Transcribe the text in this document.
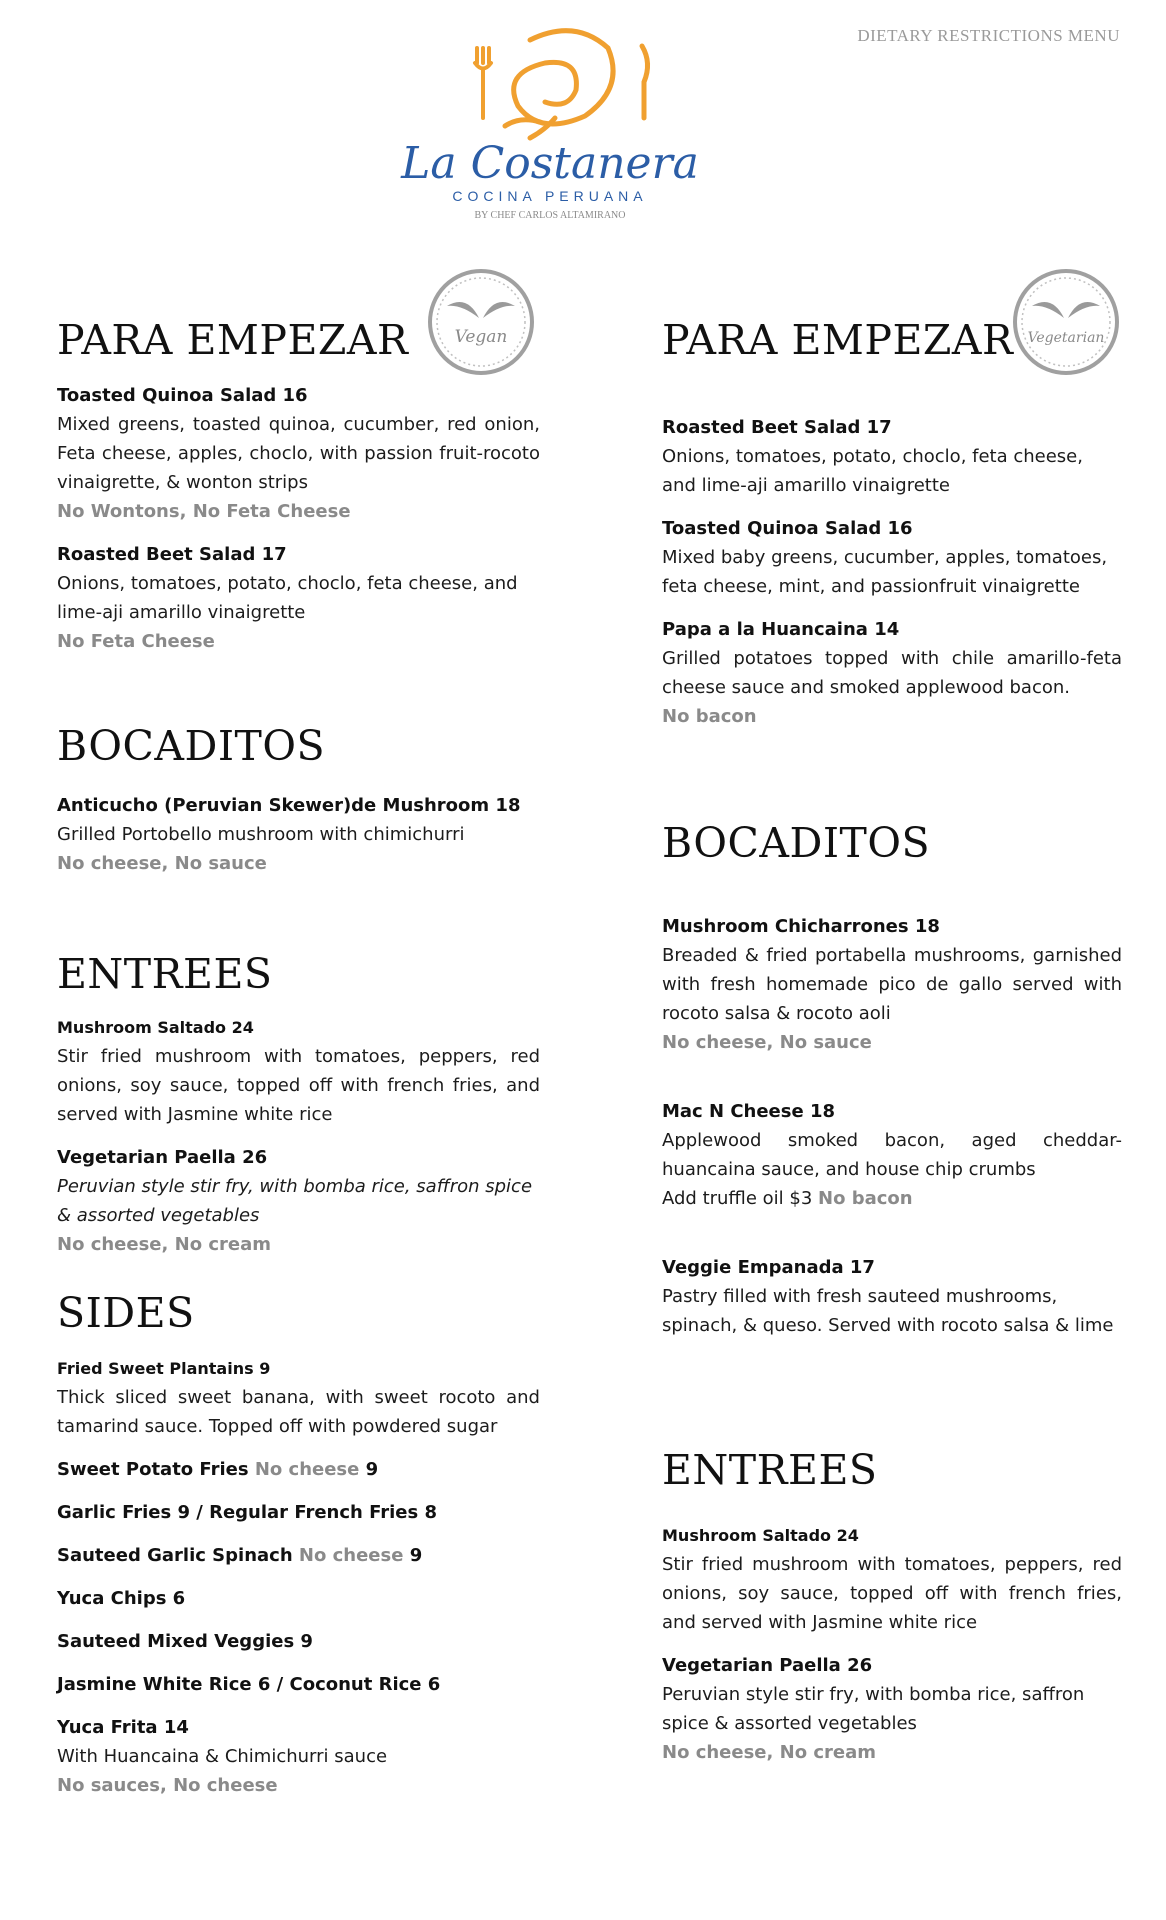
DIETARY RESTRICTIONS MENU
La Costanera
COCINA PERUANA
BY CHEF CARLOS ALTAMIRANO
Vegan	Vegetarian
PARA EMPEZAR
Toasted Quinoa Salad 16
Mixed greens, toasted quinoa, cucumber, red onion, Feta cheese, apples, choclo, with passion fruit-rocoto vinaigrette, & wonton strips
No Wontons, No Feta Cheese
Roasted Beet Salad 17
Onions, tomatoes, potato, choclo, feta cheese, and lime-aji amarillo vinaigrette
No Feta Cheese
BOCADITOS
Anticucho (Peruvian Skewer)de Mushroom 18
Grilled Portobello mushroom with chimichurri
No cheese, No sauce
ENTREES
Mushroom Saltado 24
Stir fried mushroom with tomatoes, peppers, red onions, soy sauce, topped off with french fries, and served with Jasmine white rice
Vegetarian Paella 26
Peruvian style stir fry, with bomba rice, saffron spice & assorted vegetables
No cheese, No cream
SIDES
Fried Sweet Plantains 9
Thick sliced sweet banana, with sweet rocoto and tamarind sauce. Topped off with powdered sugar
Sweet Potato Fries No cheese 9
Garlic Fries 9 / Regular French Fries 8
Sauteed Garlic Spinach No cheese 9
Yuca Chips 6
Sauteed Mixed Veggies 9
Jasmine White Rice 6 / Coconut Rice 6
Yuca Frita 14
With Huancaina & Chimichurri sauce
No sauces, No cheese
PARA EMPEZAR
Roasted Beet Salad 17
Onions, tomatoes, potato, choclo, feta cheese, and lime-aji amarillo vinaigrette
Toasted Quinoa Salad 16
Mixed baby greens, cucumber, apples, tomatoes, feta cheese, mint, and passionfruit vinaigrette
Papa a la Huancaina 14
Grilled potatoes topped with chile amarillo-feta cheese sauce and smoked applewood bacon.
No bacon
BOCADITOS
Mushroom Chicharrones 18
Breaded & fried portabella mushrooms, garnished with fresh homemade pico de gallo served with rocoto salsa & rocoto aoli
No cheese, No sauce
Mac N Cheese 18
Applewood smoked bacon, aged cheddar-huancaina sauce, and house chip crumbs
Add truffle oil $3 No bacon
Veggie Empanada 17
Pastry filled with fresh sauteed mushrooms, spinach, & queso. Served with rocoto salsa & lime
ENTREES
Mushroom Saltado 24
Stir fried mushroom with tomatoes, peppers, red onions, soy sauce, topped off with french fries, and served with Jasmine white rice
Vegetarian Paella 26
Peruvian style stir fry, with bomba rice, saffron spice & assorted vegetables
No cheese, No cream
